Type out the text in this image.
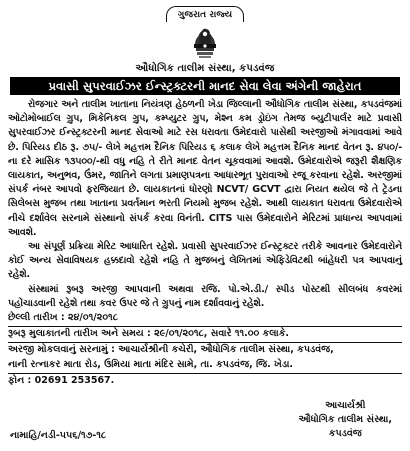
ગુજરાત રાજ્ય
ઔધોગિક તાલીમ સંસ્થા, કપડવંજ
પ્રવાસી સુપરવાઈઝર ઈન્સ્ટ્રક્ટરની માનદ સેવા લેવા અંગેની જાહેરાત

રોજગાર અને તાલીમ ખાતાના નિયંત્રણ હેઠળની ખેડા જિલ્લાની ઔધોગિક તાલીમ સંસ્થા, કપડવંજમાં ઓટોમોબાઈલ ગ્રુપ, મિકેનિકલ ગ્રુપ, કમ્પ્યુટર ગ્રુપ, મેશ્ન કમ ડ્રોઇંગ તેમજ બ્યુટીપાર્લર માટે પ્રવાસી સુપરવાઈઝર ઈન્સ્ટ્રક્ટરની માનદ સેવાઓ માટે રસ ધરાવતા ઉમેદવારો પાસેથી અરજીઓ મંગાવવામાં આવે છે. પિરિયડ દીઠ રૂ. ૭૫/- લેખે મહત્તમ દૈનિક પિરિયડ ૬ કલાક લેખે મહત્તમ દૈનિક માનદ વેતન રૂ. ૪૫૦/-ના દરે માસિક ૧૩૫૦૦/-થી વધુ નહિ તે રીતે માનદ વેતન ચૂકવવામાં આવશે. ઉમેદવારોએ જરૂરી શૈક્ષણિક લાયકાત, અનુભવ, ઉંમર, જાતિને લગતા પ્રમાણપત્રના આધારભૂત પુરાવાઓ રજૂ કરવાના રહેશે. અરજીમાં સંપર્ક નંબર આપવો ફરજિયાત છે. લાયકાતનાં ધોરણો NCVT/ GCVT દ્વારા નિયત થયેલ જે તે ટ્રેડના સિલેબસ મુજબ તથા ખાતાના પ્રવર્તમાન ભરતી નિયમો મુજબ રહેશે. આથી લાયકાત ધરાવતા ઉમેદવારોએ નીચે દર્શાવેલ સરનામે સંસ્થાનો સંપર્ક કરવા વિનંતી. CITS પાસ ઉમેદવારોને મેરિટમાં પ્રાધાન્ય આપવામાં આવશે.

આ સંપૂર્ણ પ્રક્રિયા મેરિટ આધારિત રહેશે. પ્રવાસી સુપરવાઈઝર ઈન્સ્ટ્રક્ટર તરીકે આવનાર ઉમેદવારોને કોઈ અન્ય સેવાવિષયક હક્કદાવો રહેશે નહિ તે મુજબનું લેખિતમાં એફિડેવિટથી બાંહેધરી પત્ર આપવાનું રહેશે.

સંસ્થામાં રૂબરૂ અરજી આપવાની અથવા રજિ. પો.એ.ડી./ સ્પીડ પોસ્ટથી સીલબંધ કવરમાં પહોંચાડવાની રહેશે તથા કવર ઉપર જે તે ગ્રુપનું નામ દર્શાવવાનું રહેશે.

છેલ્લી તારીખ : ૨૪/૦૧/૨૦૧૮
રૂબરૂ મુલાકાતની તારીખ અને સમય : ૨૯/૦૧/૨૦૧૮, સવારે ૧૧.૦૦ કલાકે.
અરજી મોકલવાનું સરનામું : આચાર્યશ્રીની કચેરી, ઔધોગિક તાલીમ સંસ્થા, કપડવંજ,
નાની રત્નાકર માતા રોડ, ઉમિયા માતા મંદિર સામે, તા. કપડવંજ, જિ. ખેડા.
ફોન : 02691 253567.
આચાર્યશ્રી
ઔધોગિક તાલીમ સંસ્થા,
કપડવંજ
નામાહિ/નડી-૫૫૬/૧૭-૧૮
